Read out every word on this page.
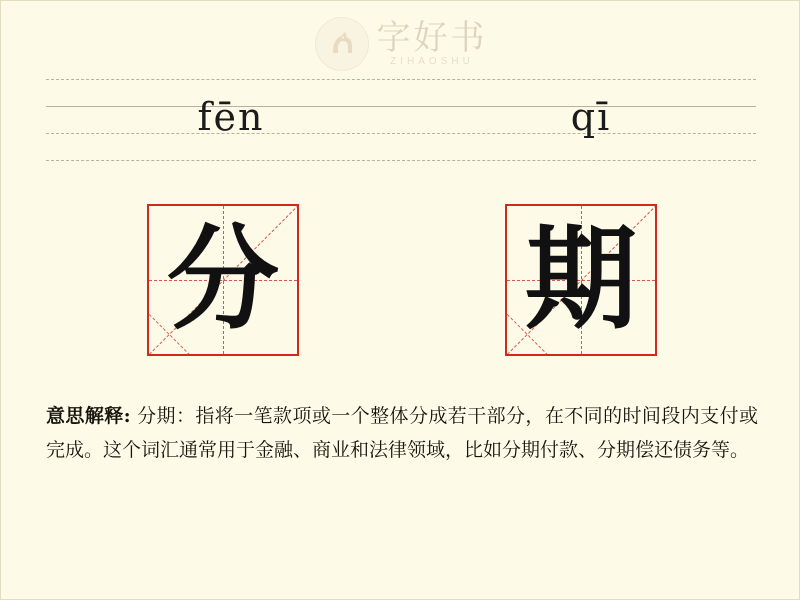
字好书
ZIHAOSHU
fēn	qī
分 期
意思解释: 分期：指将一笔款项或一个整体分成若干部分，在不同的时间段内支付或完成。这个词汇通常用于金融、商业和法律领域，比如分期付款、分期偿还债务等。
